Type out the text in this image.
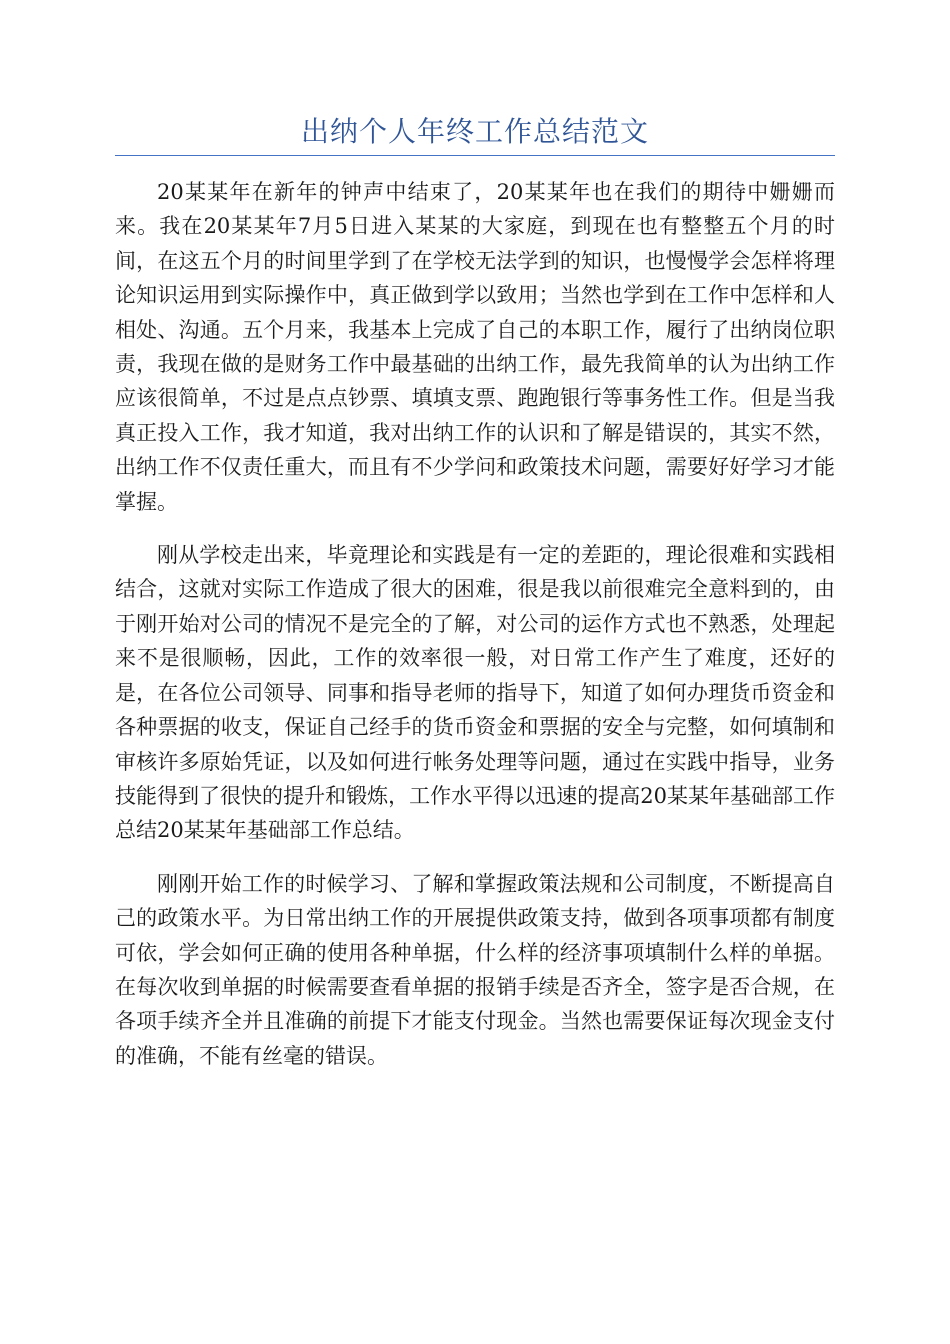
出纳个人年终工作总结范文

20某某年在新年的钟声中结束了，20某某年也在我们的期待中姗姗而来。我在20某某年7月5日进入某某的大家庭，到现在也有整整五个月的时间，在这五个月的时间里学到了在学校无法学到的知识，也慢慢学会怎样将理论知识运用到实际操作中，真正做到学以致用；当然也学到在工作中怎样和人相处、沟通。五个月来，我基本上完成了自己的本职工作，履行了出纳岗位职责，我现在做的是财务工作中最基础的出纳工作，最先我简单的认为出纳工作应该很简单，不过是点点钞票、填填支票、跑跑银行等事务性工作。但是当我真正投入工作，我才知道，我对出纳工作的认识和了解是错误的，其实不然，出纳工作不仅责任重大，而且有不少学问和政策技术问题，需要好好学习才能掌握。

刚从学校走出来，毕竟理论和实践是有一定的差距的，理论很难和实践相结合，这就对实际工作造成了很大的困难，很是我以前很难完全意料到的，由于刚开始对公司的情况不是完全的了解，对公司的运作方式也不熟悉，处理起来不是很顺畅，因此，工作的效率很一般，对日常工作产生了难度，还好的是，在各位公司领导、同事和指导老师的指导下，知道了如何办理货币资金和各种票据的收支，保证自己经手的货币资金和票据的安全与完整，如何填制和审核许多原始凭证，以及如何进行帐务处理等问题，通过在实践中指导，业务技能得到了很快的提升和锻炼，工作水平得以迅速的提高20某某年基础部工作总结20某某年基础部工作总结。

刚刚开始工作的时候学习、了解和掌握政策法规和公司制度，不断提高自己的政策水平。为日常出纳工作的开展提供政策支持，做到各项事项都有制度可依，学会如何正确的使用各种单据，什么样的经济事项填制什么样的单据。在每次收到单据的时候需要查看单据的报销手续是否齐全，签字是否合规，在各项手续齐全并且准确的前提下才能支付现金。当然也需要保证每次现金支付的准确，不能有丝毫的错误。
